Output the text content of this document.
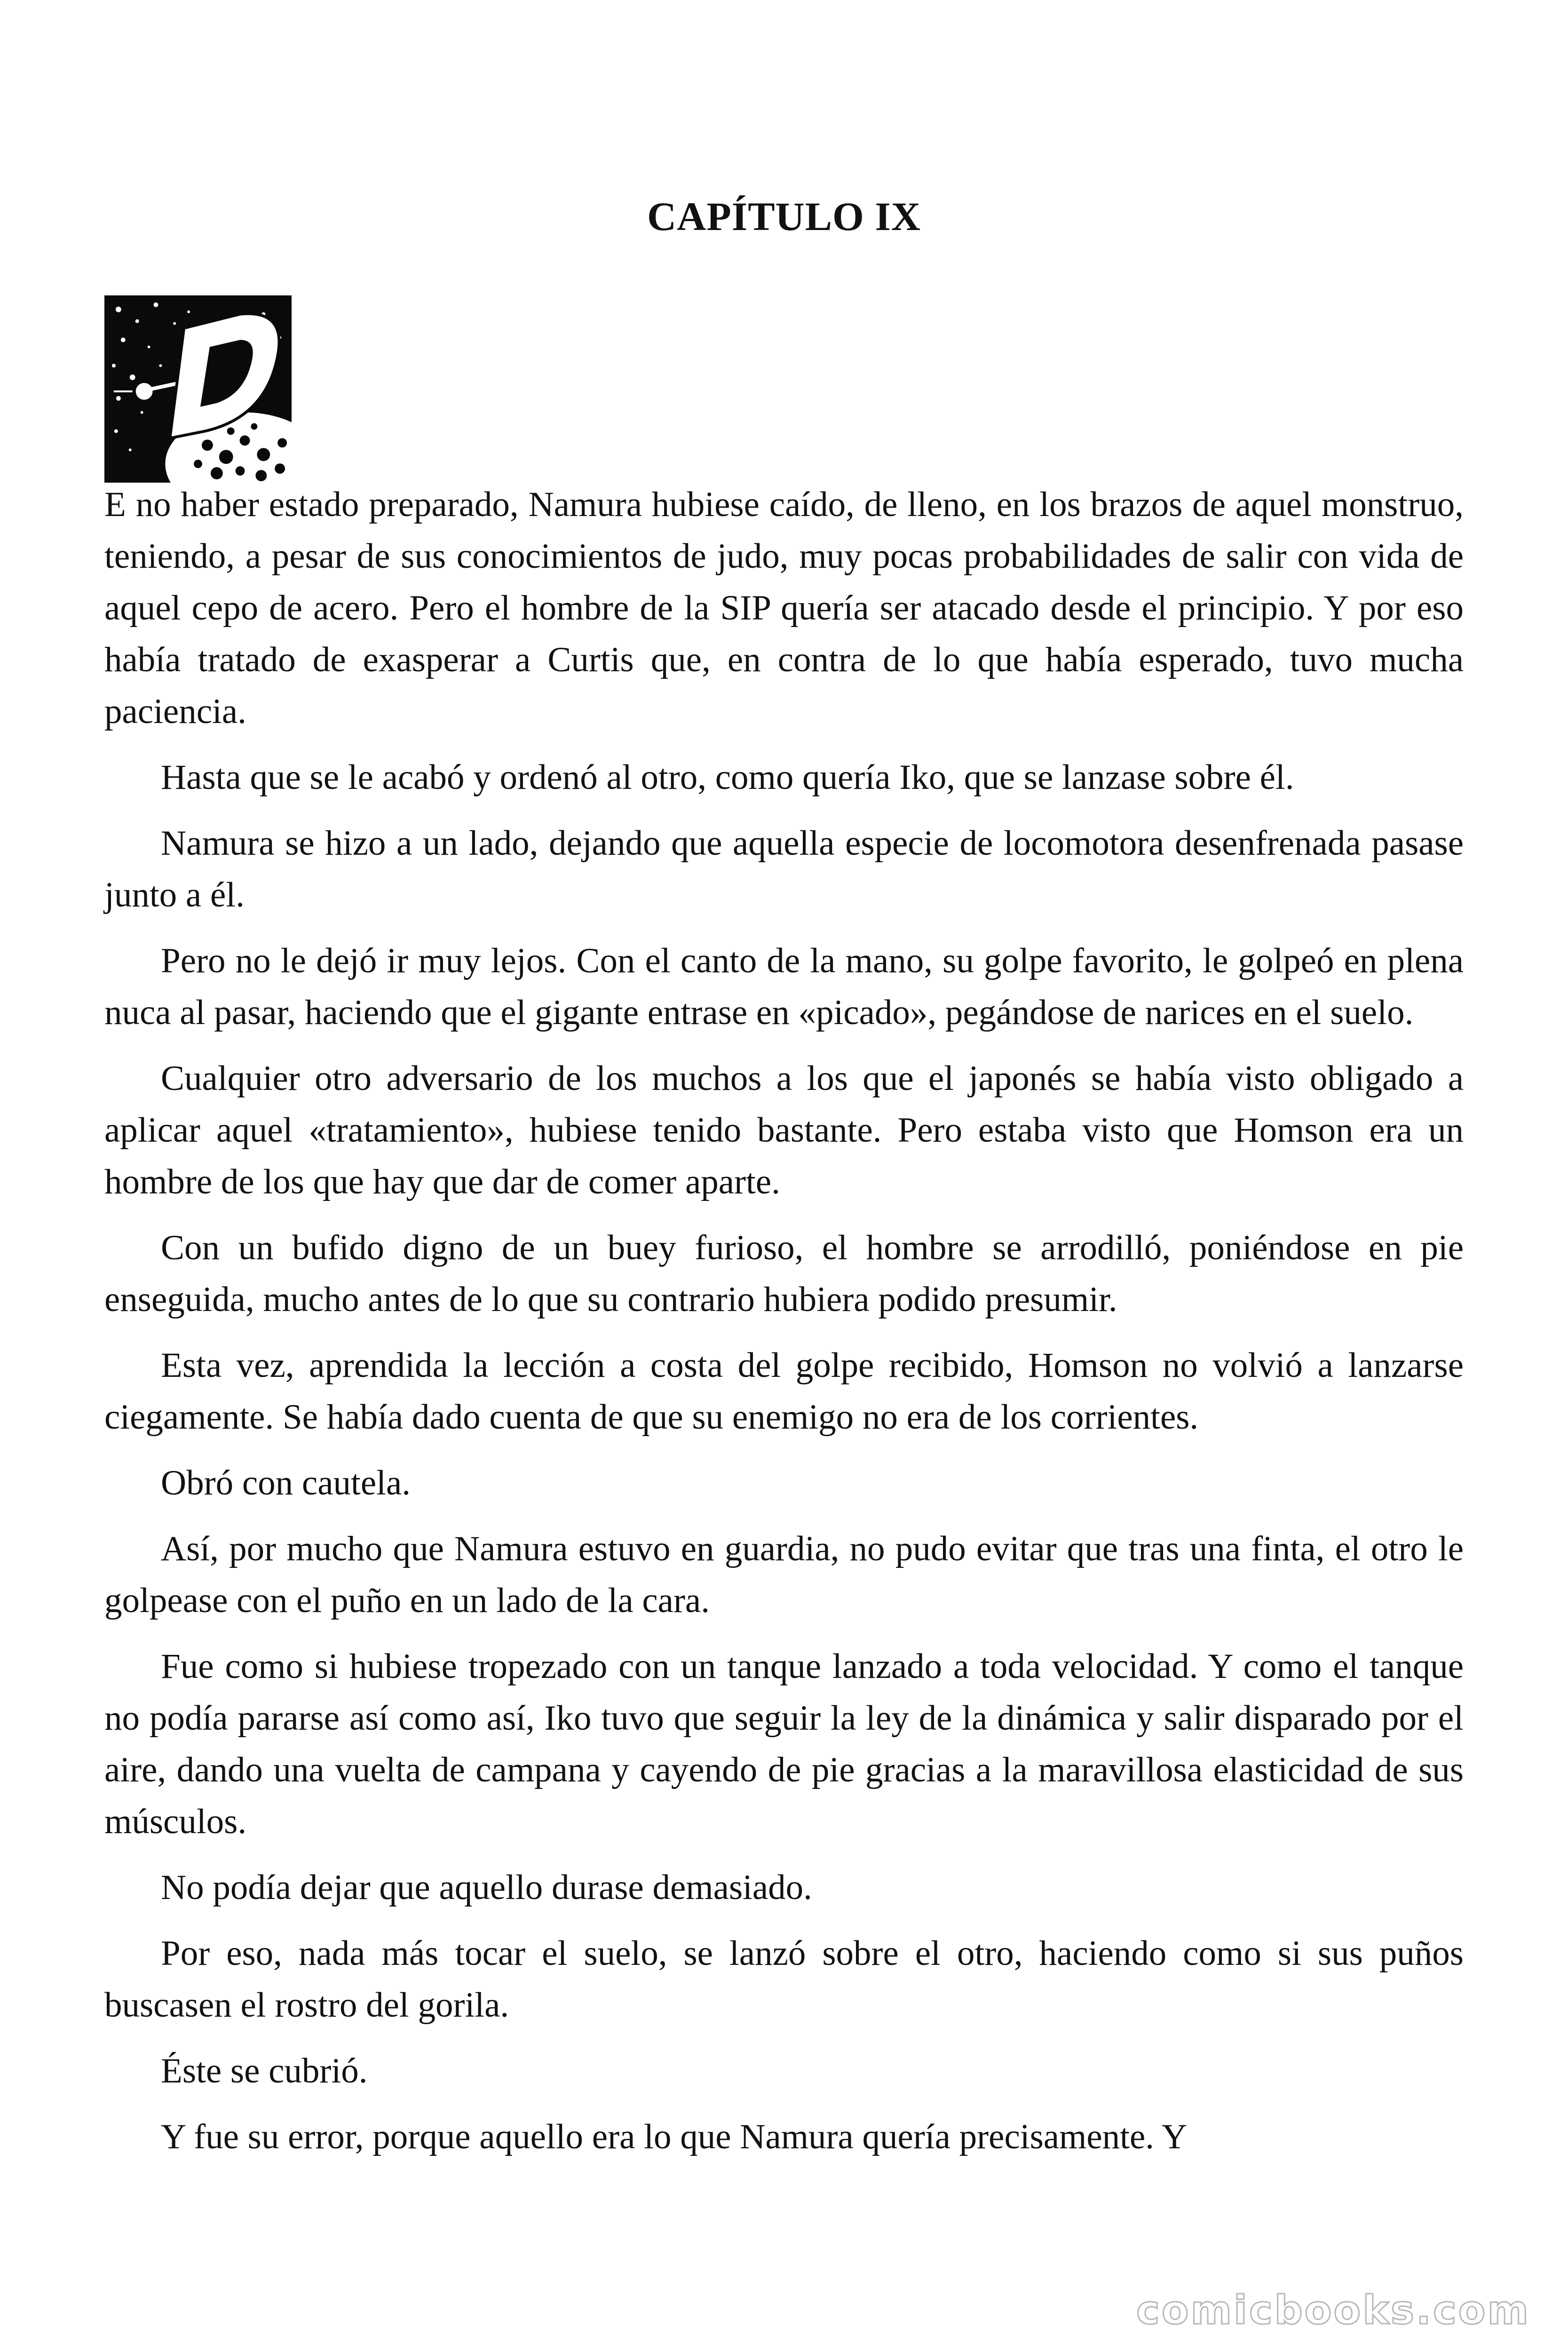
CAPÍTULO IX

E no haber estado preparado, Namura hubiese caído, de lleno, en los brazos de aquel monstruo, teniendo, a pesar de sus conocimientos de judo, muy pocas probabilidades de salir con vida de aquel cepo de acero. Pero el hombre de la SIP quería ser atacado desde el principio. Y por eso había tratado de exasperar a Curtis que, en contra de lo que había esperado, tuvo mucha paciencia.

Hasta que se le acabó y ordenó al otro, como quería Iko, que se lanzase sobre él.

Namura se hizo a un lado, dejando que aquella especie de locomotora desenfrenada pasase junto a él.

Pero no le dejó ir muy lejos. Con el canto de la mano, su golpe favorito, le golpeó en plena nuca al pasar, haciendo que el gigante entrase en «picado», pegándose de narices en el suelo.

Cualquier otro adversario de los muchos a los que el japonés se había visto obligado a aplicar aquel «tratamiento», hubiese tenido bastante. Pero estaba visto que Homson era un hombre de los que hay que dar de comer aparte.

Con un bufido digno de un buey furioso, el hombre se arrodilló, poniéndose en pie enseguida, mucho antes de lo que su contrario hubiera podido presumir.

Esta vez, aprendida la lección a costa del golpe recibido, Homson no volvió a lanzarse ciegamente. Se había dado cuenta de que su enemigo no era de los corrientes.

Obró con cautela.

Así, por mucho que Namura estuvo en guardia, no pudo evitar que tras una finta, el otro le golpease con el puño en un lado de la cara.

Fue como si hubiese tropezado con un tanque lanzado a toda velocidad. Y como el tanque no podía pararse así como así, Iko tuvo que seguir la ley de la dinámica y salir disparado por el aire, dando una vuelta de campana y cayendo de pie gracias a la maravillosa elasticidad de sus músculos.

No podía dejar que aquello durase demasiado.

Por eso, nada más tocar el suelo, se lanzó sobre el otro, haciendo como si sus puños buscasen el rostro del gorila.

Éste se cubrió.

Y fue su error, porque aquello era lo que Namura quería precisamente. Y

comicbooks.com
